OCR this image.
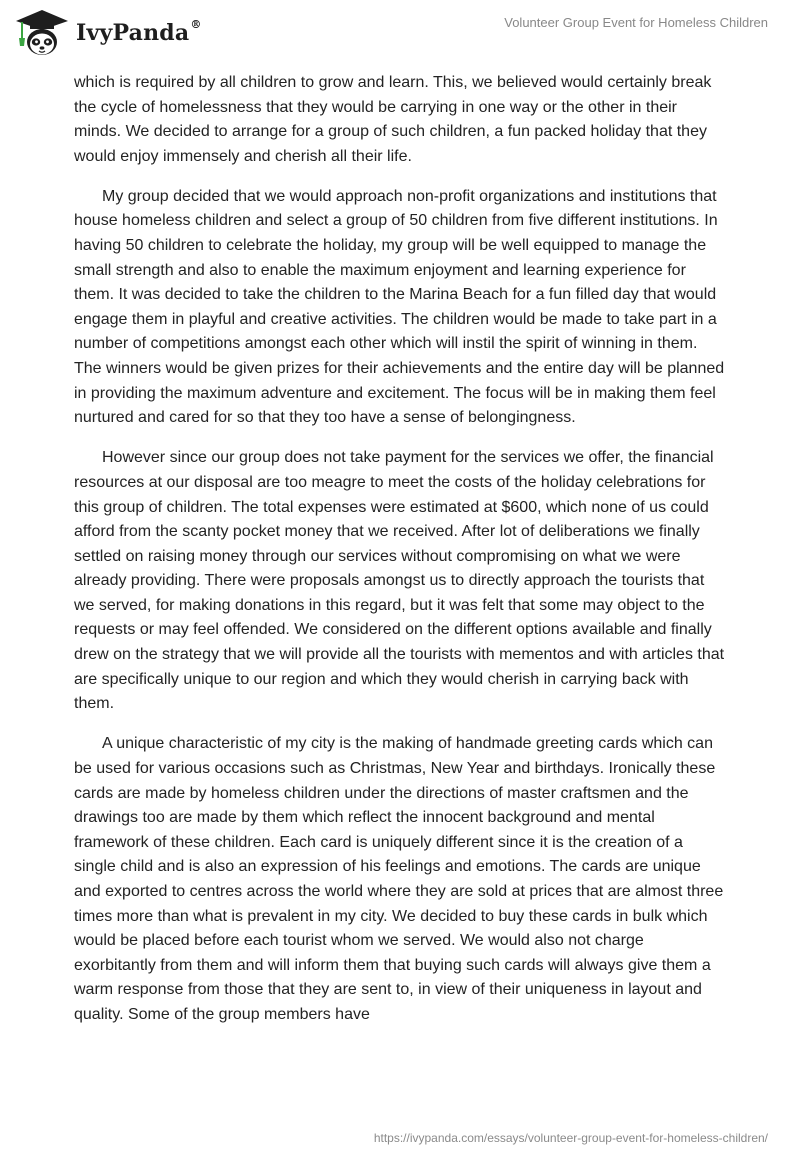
IvyPanda®	Volunteer Group Event for Homeless Children

which is required by all children to grow and learn. This, we believed would certainly break the cycle of homelessness that they would be carrying in one way or the other in their minds. We decided to arrange for a group of such children, a fun packed holiday that they would enjoy immensely and cherish all their life.

My group decided that we would approach non-profit organizations and institutions that house homeless children and select a group of 50 children from five different institutions. In having 50 children to celebrate the holiday, my group will be well equipped to manage the small strength and also to enable the maximum enjoyment and learning experience for them. It was decided to take the children to the Marina Beach for a fun filled day that would engage them in playful and creative activities. The children would be made to take part in a number of competitions amongst each other which will instil the spirit of winning in them. The winners would be given prizes for their achievements and the entire day will be planned in providing the maximum adventure and excitement. The focus will be in making them feel nurtured and cared for so that they too have a sense of belongingness.

However since our group does not take payment for the services we offer, the financial resources at our disposal are too meagre to meet the costs of the holiday celebrations for this group of children. The total expenses were estimated at $600, which none of us could afford from the scanty pocket money that we received. After lot of deliberations we finally settled on raising money through our services without compromising on what we were already providing. There were proposals amongst us to directly approach the tourists that we served, for making donations in this regard, but it was felt that some may object to the requests or may feel offended. We considered on the different options available and finally drew on the strategy that we will provide all the tourists with mementos and with articles that are specifically unique to our region and which they would cherish in carrying back with them.

A unique characteristic of my city is the making of handmade greeting cards which can be used for various occasions such as Christmas, New Year and birthdays. Ironically these cards are made by homeless children under the directions of master craftsmen and the drawings too are made by them which reflect the innocent background and mental framework of these children. Each card is uniquely different since it is the creation of a single child and is also an expression of his feelings and emotions. The cards are unique and exported to centres across the world where they are sold at prices that are almost three times more than what is prevalent in my city. We decided to buy these cards in bulk which would be placed before each tourist whom we served. We would also not charge exorbitantly from them and will inform them that buying such cards will always give them a warm response from those that they are sent to, in view of their uniqueness in layout and quality. Some of the group members have

https://ivypanda.com/essays/volunteer-group-event-for-homeless-children/
